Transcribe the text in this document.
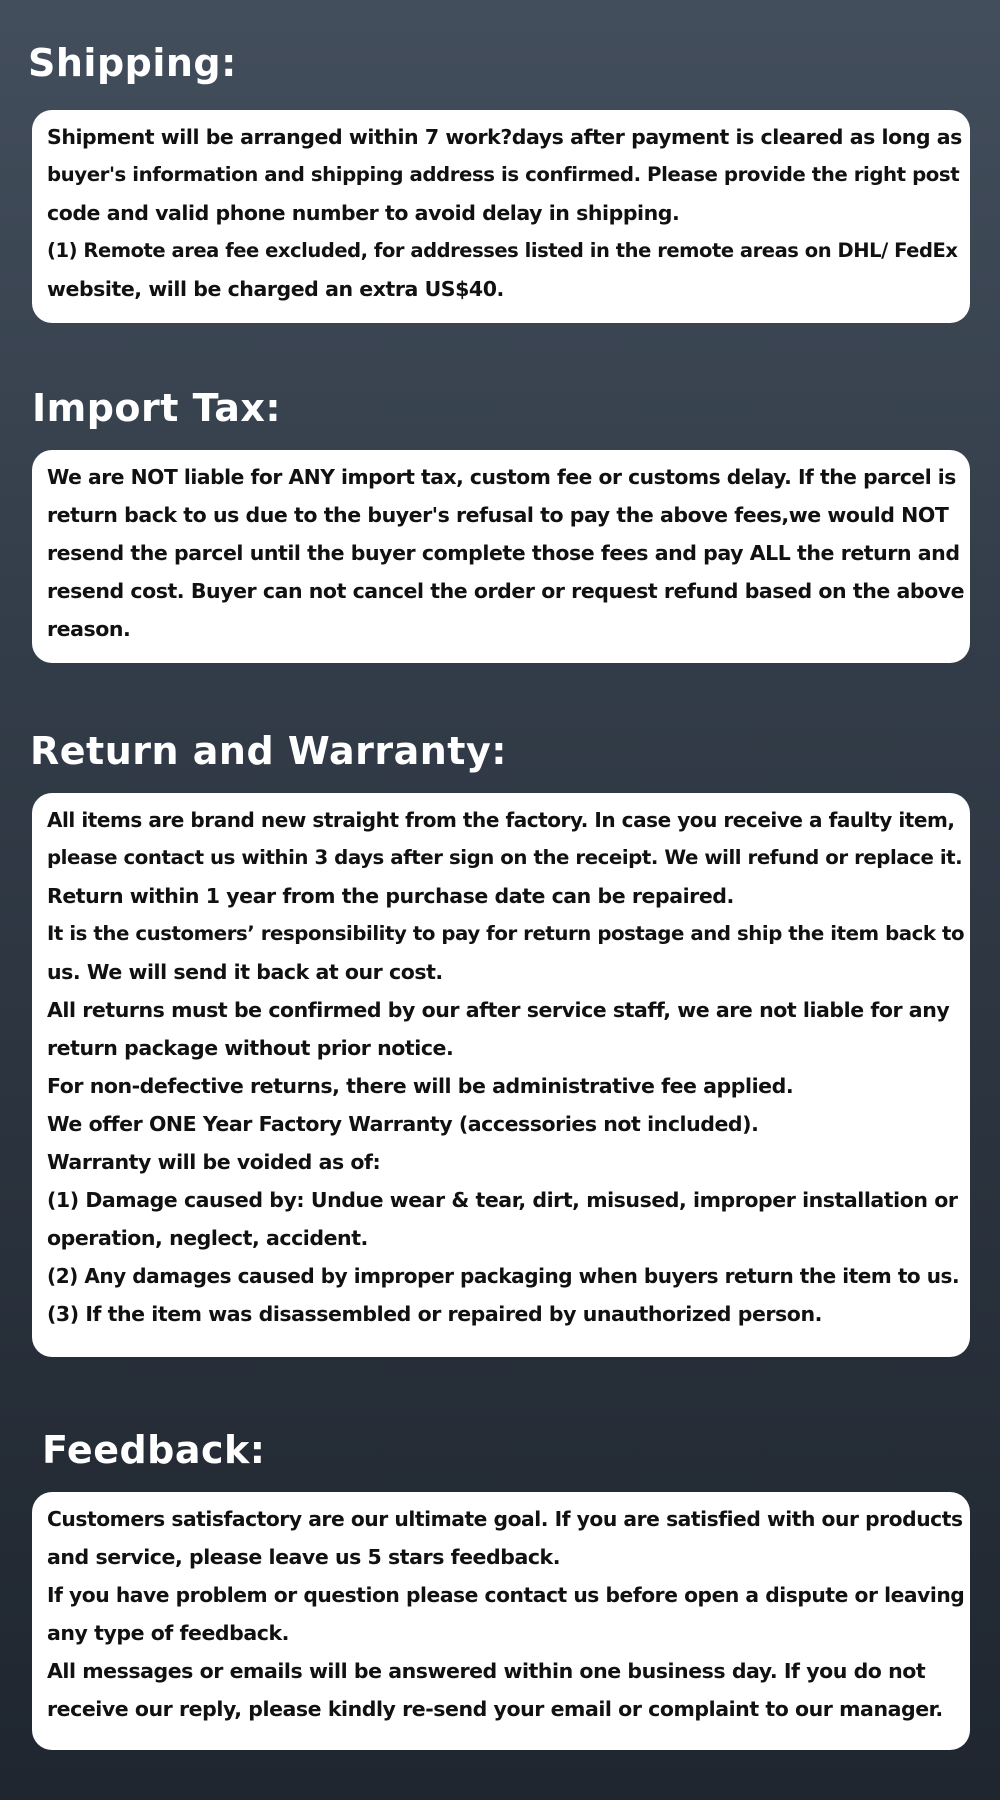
Shipping:
Shipment will be arranged within 7 work?days after payment is cleared as long as
buyer's information and shipping address is confirmed. Please provide the right post
code and valid phone number to avoid delay in shipping.
(1) Remote area fee excluded, for addresses listed in the remote areas on DHL/ FedEx
website, will be charged an extra US$40.
Import Tax:
We are NOT liable for ANY import tax, custom fee or customs delay. If the parcel is
return back to us due to the buyer's refusal to pay the above fees,we would NOT
resend the parcel until the buyer complete those fees and pay ALL the return and
resend cost. Buyer can not cancel the order or request refund based on the above
reason.
Return and Warranty:
All items are brand new straight from the factory. In case you receive a faulty item,
please contact us within 3 days after sign on the receipt. We will refund or replace it.
Return within 1 year from the purchase date can be repaired.
It is the customers’ responsibility to pay for return postage and ship the item back to
us. We will send it back at our cost.
All returns must be confirmed by our after service staff, we are not liable for any
return package without prior notice.
For non-defective returns, there will be administrative fee applied.
We offer ONE Year Factory Warranty (accessories not included).
Warranty will be voided as of:
(1) Damage caused by: Undue wear & tear, dirt, misused, improper installation or
operation, neglect, accident.
(2) Any damages caused by improper packaging when buyers return the item to us.
(3) If the item was disassembled or repaired by unauthorized person.
Feedback:
Customers satisfactory are our ultimate goal. If you are satisfied with our products
and service, please leave us 5 stars feedback.
If you have problem or question please contact us before open a dispute or leaving
any type of feedback.
All messages or emails will be answered within one business day. If you do not
receive our reply, please kindly re-send your email or complaint to our manager.
